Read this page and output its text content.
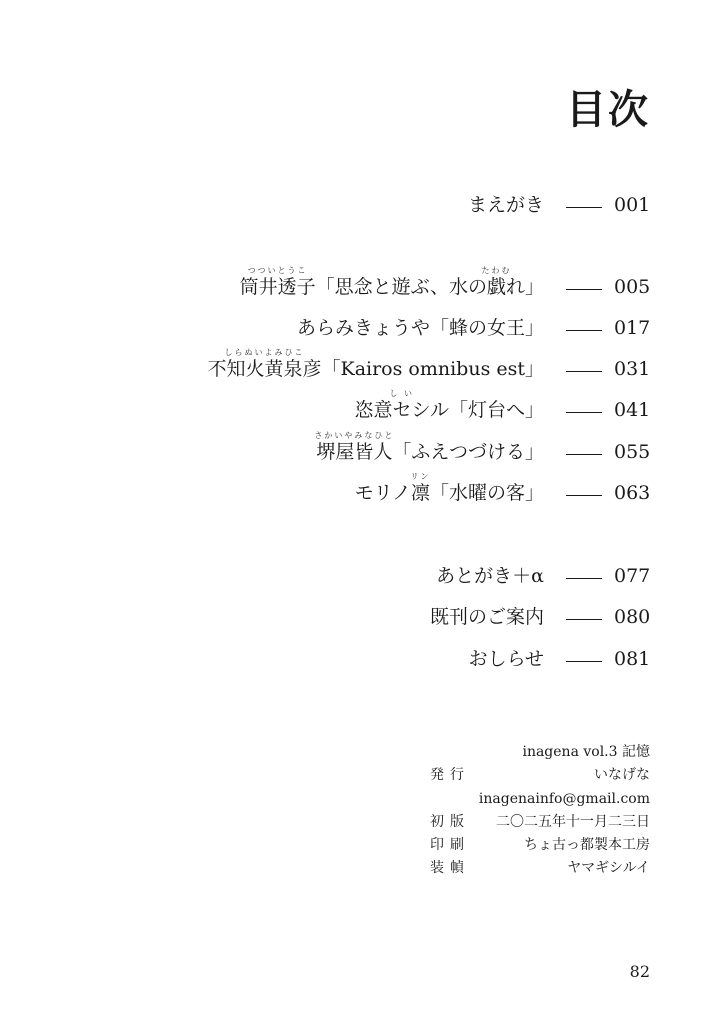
目次
まえがき	001
つついとうこ
筒井透子「思念と遊ぶ、水の
たわむ
戯れ」	005
あらみきょうや「蜂の女王」	017
しらぬいよみひこ
不知火黄泉彦「Kairos omnibus est」	031
し い
恣意セシル「灯台へ」	041
さかいやみなひと
堺屋皆人「ふえつづける」	055
モリノ
リン
凛「水曜の客」	063
あとがき＋α	077
既刊のご案内	080
おしらせ	081
inagena vol.3 記憶
発行	いなげな
inagenainfo@gmail.com
初版 二〇二五年十一月二三日
印刷	ちょ古っ都製本工房
装幀	ヤマギシルイ
82
